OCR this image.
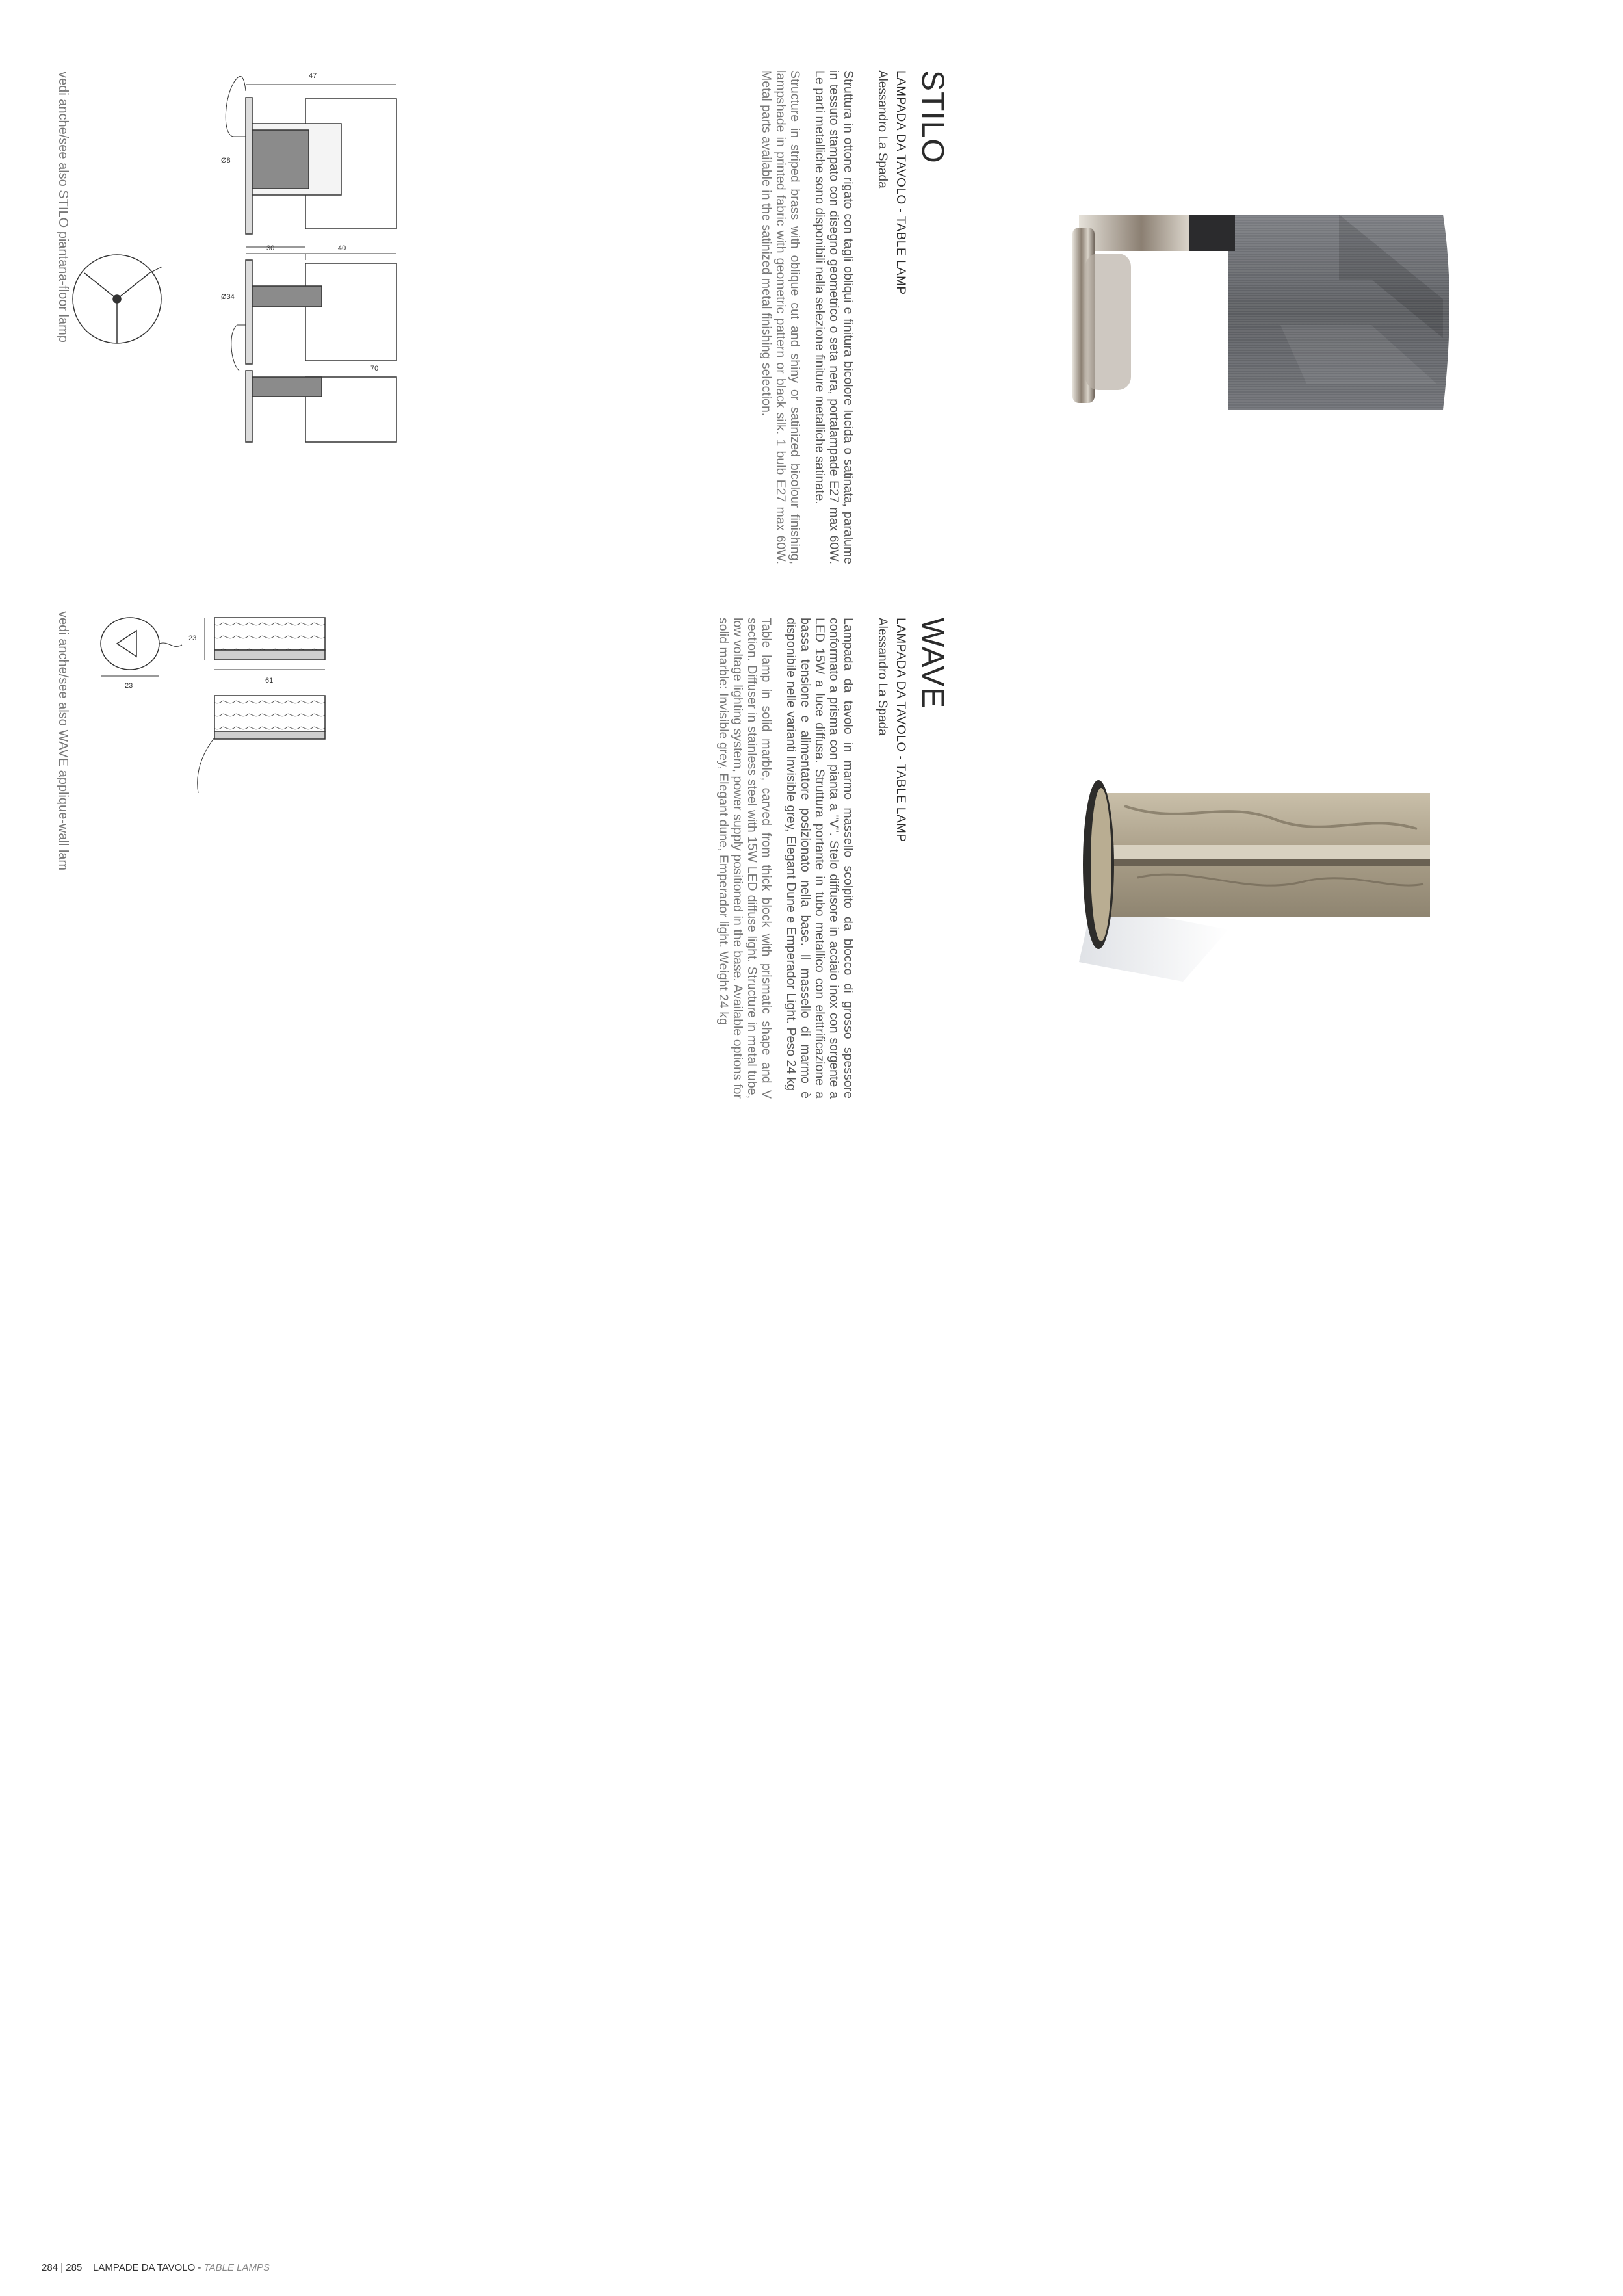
STILO
LAMPADA DA TAVOLO - TABLE LAMP
Alessandro La Spada
Struttura in ottone rigato con tagli obliqui e finitura bicolore lucida o satinata, paralume in tessuto stampato con disegno geometrico o seta nera, portalampade E27 max 60W. Le parti metalliche sono disponibili nella selezione finiture metalliche satinate.
Structure in striped brass with oblique cut and shiny or satinized bicolour finishing, lampshade in printed fabric with geometric pattern or black silk. 1 bulb E27 max 60W. Metal parts available in the satinized metal finishing selection.
WAVE
LAMPADA DA TAVOLO - TABLE LAMP
Alessandro La Spada
Lampada da tavolo in marmo massello scolpito da blocco di grosso spessore conformato a prisma con pianta a "V". Stelo diffusore in acciaio inox con sorgente a LED 15W a luce diffusa. Struttura portante in tubo metallico con elettrificazione a bassa tensione e alimentatore posizionato nella base. Il massello di marmo è disponibile nelle varianti Invisible grey, Elegant Dune e Emperador Light. Peso 24 kg
Table lamp in solid marble, carved from thick block with prismatic shape and V section. Diffuser in stainless steel with 15W LED diffuse light. Structure in metal tube, low voltage lighting system, power supply positioned in the base. Available options for solid marble: Invisible grey, Elegant dune, Emperador light. Weight 24 kg
47
Ø8
30	40
Ø34
70
23
61
23
vedi anche/see also STILO piantana-floor lamp
vedi anche/see also WAVE applique-wall lam
284 | 285 LAMPADE DA TAVOLO - TABLE LAMPS
